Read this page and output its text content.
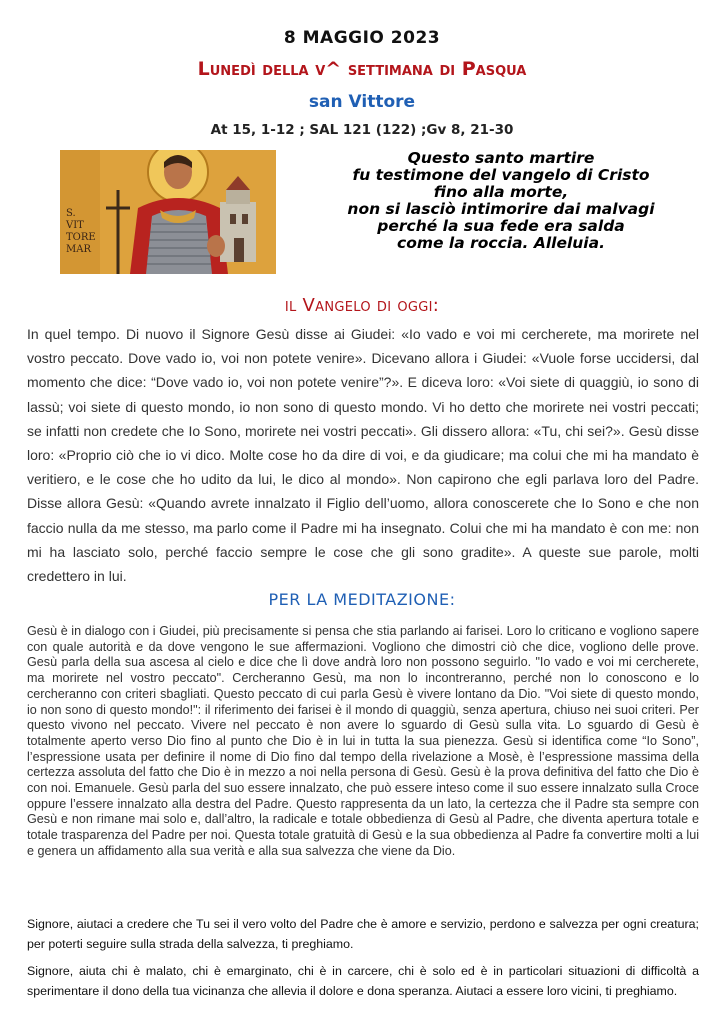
8 MAGGIO 2023
Lunedì della v^ settimana di Pasqua
san Vittore
At 15, 1-12 ; SAL 121 (122) ;Gv 8, 21-30
S. VIT TORE MAR
Questo santo martire
fu testimone del vangelo di Cristo
fino alla morte,
non si lasciò intimorire dai malvagi
perché la sua fede era salda
come la roccia. Alleluia.
il Vangelo di oggi:

In quel tempo. Di nuovo il Signore Gesù disse ai Giudei: «Io vado e voi mi cercherete, ma morirete nel vostro peccato. Dove vado io, voi non potete venire». Dicevano allora i Giudei: «Vuole forse uccidersi, dal momento che dice: “Dove vado io, voi non potete venire”?». E diceva loro: «Voi siete di quaggiù, io sono di lassù; voi siete di questo mondo, io non sono di questo mondo. Vi ho detto che morirete nei vostri peccati; se infatti non credete che Io Sono, morirete nei vostri peccati». Gli dissero allora: «Tu, chi sei?». Gesù disse loro: «Proprio ciò che io vi dico. Molte cose ho da dire di voi, e da giudicare; ma colui che mi ha mandato è veritiero, e le cose che ho udito da lui, le dico al mondo». Non capirono che egli parlava loro del Padre. Disse allora Gesù: «Quando avrete innalzato il Figlio dell’uomo, allora conoscerete che Io Sono e che non faccio nulla da me stesso, ma parlo come il Padre mi ha insegnato. Colui che mi ha mandato è con me: non mi ha lasciato solo, perché faccio sempre le cose che gli sono gradite». A queste sue parole, molti credettero in lui.

PER LA MEDITAZIONE:

Gesù è in dialogo con i Giudei, più precisamente si pensa che stia parlando ai farisei. Loro lo criticano e vogliono sapere con quale autorità e da dove vengono le sue affermazioni. Vogliono che dimostri ciò che dice, vogliono delle prove. Gesù parla della sua ascesa al cielo e dice che lì dove andrà loro non possono seguirlo. "Io vado e voi mi cercherete, ma morirete nel vostro peccato". Cercheranno Gesù, ma non lo incontreranno, perché non lo conoscono e lo cercheranno con criteri sbagliati. Questo peccato di cui parla Gesù è vivere lontano da Dio. "Voi siete di questo mondo, io non sono di questo mondo!": il riferimento dei farisei è il mondo di quaggiù, senza apertura, chiuso nei suoi criteri. Per questo vivono nel peccato. Vivere nel peccato è non avere lo sguardo di Gesù sulla vita. Lo sguardo di Gesù è totalmente aperto verso Dio fino al punto che Dio è in lui in tutta la sua pienezza. Gesù si identifica come “Io Sono”, l’espressione usata per definire il nome di Dio fino dal tempo della rivelazione a Mosè, è l’espressione massima della certezza assoluta del fatto che Dio è in mezzo a noi nella persona di Gesù. Gesù è la prova definitiva del fatto che Dio è con noi. Emanuele. Gesù parla del suo essere innalzato, che può essere inteso come il suo essere innalzato sulla Croce oppure l’essere innalzato alla destra del Padre. Questo rappresenta da un lato, la certezza che il Padre sta sempre con Gesù e non rimane mai solo e, dall’altro, la radicale e totale obbedienza di Gesù al Padre, che diventa apertura totale e totale trasparenza del Padre per noi. Questa totale gratuità di Gesù e la sua obbedienza al Padre fa convertire molti a lui e genera un affidamento alla sua verità e alla sua salvezza che viene da Dio.

Signore, aiutaci a credere che Tu sei il vero volto del Padre che è amore e servizio, perdono e salvezza per ogni creatura; per poterti seguire sulla strada della salvezza, ti preghiamo.

Signore, aiuta chi è malato, chi è emarginato, chi è in carcere, chi è solo ed è in particolari situazioni di difficoltà a sperimentare il dono della tua vicinanza che allevia il dolore e dona speranza. Aiutaci a essere loro vicini, ti preghiamo.
